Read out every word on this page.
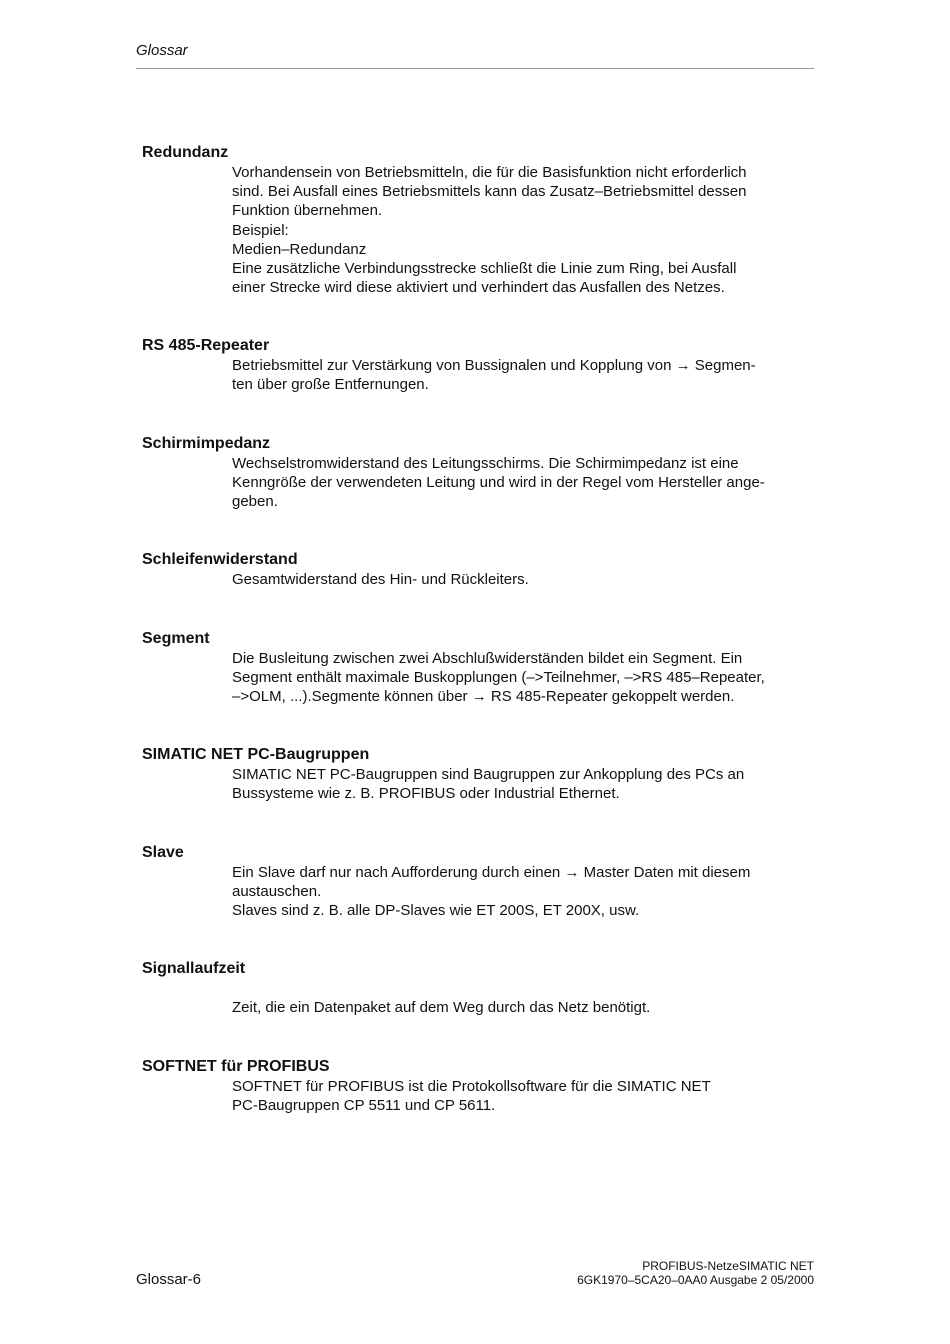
Glossar
Redundanz
Vorhandensein von Betriebsmitteln, die für die Basisfunktion nicht erforderlich
sind. Bei Ausfall eines Betriebsmittels kann das Zusatz–Betriebsmittel dessen
Funktion übernehmen.
Beispiel:
Medien–Redundanz
Eine zusätzliche Verbindungsstrecke schließt die Linie zum Ring, bei Ausfall
einer Strecke wird diese aktiviert und verhindert das Ausfallen des Netzes.
RS 485-Repeater
Betriebsmittel zur Verstärkung von Bussignalen und Kopplung von → Segmen-
ten über große Entfernungen.
Schirmimpedanz
Wechselstromwiderstand des Leitungsschirms. Die Schirmimpedanz ist eine
Kenngröße der verwendeten Leitung und wird in der Regel vom Hersteller ange-
geben.
Schleifenwiderstand
Gesamtwiderstand des Hin- und Rückleiters.
Segment
Die Busleitung zwischen zwei Abschlußwiderständen bildet ein Segment. Ein
Segment enthält maximale Buskopplungen (–>Teilnehmer, –>RS 485–Repeater,
–>OLM, ...).Segmente können über → RS 485-Repeater gekoppelt werden.
SIMATIC NET PC-Baugruppen
SIMATIC NET PC-Baugruppen sind Baugruppen zur Ankopplung des PCs an
Bussysteme wie z. B. PROFIBUS oder Industrial Ethernet.
Slave
Ein Slave darf nur nach Aufforderung durch einen → Master Daten mit diesem
austauschen.
Slaves sind z. B. alle DP-Slaves wie ET 200S, ET 200X, usw.
Signallaufzeit
Zeit, die ein Datenpaket auf dem Weg durch das Netz benötigt.
SOFTNET für PROFIBUS
SOFTNET für PROFIBUS ist die Protokollsoftware für die SIMATIC NET
PC-Baugruppen CP 5511 und CP 5611.
Glossar-6
PROFIBUS-NetzeSIMATIC NET
6GK1970–5CA20–0AA0 Ausgabe 2 05/2000
